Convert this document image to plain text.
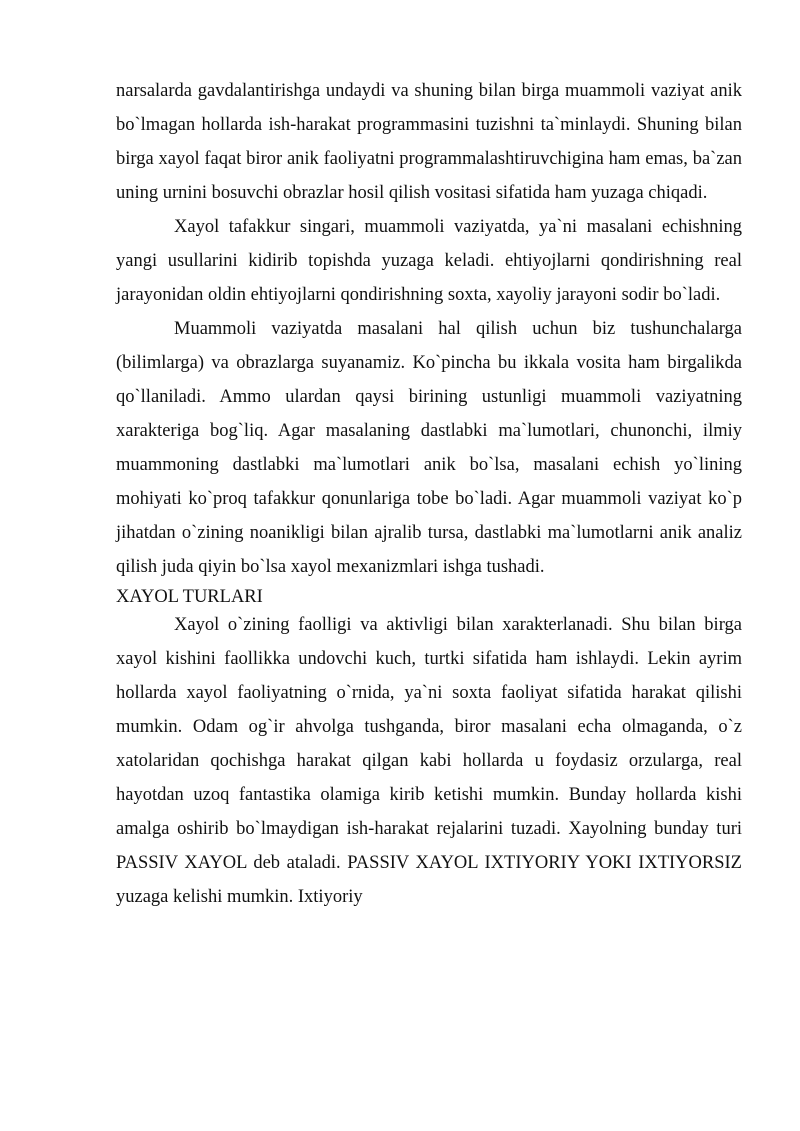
narsalarda gavdalantirishga undaydi va shuning bilan birga muammoli vaziyat anik bo`lmagan hollarda ish-harakat programmasini tuzishni ta`minlaydi. Shuning bilan birga xayol faqat biror anik faoliyatni programmalashtiruvchigina ham emas, ba`zan uning urnini bosuvchi obrazlar hosil qilish vositasi sifatida ham yuzaga chiqadi.

Xayol tafakkur singari, muammoli vaziyatda, ya`ni masalani echishning yangi usullarini kidirib topishda yuzaga keladi. ehtiyojlarni qondirishning real jarayonidan oldin ehtiyojlarni qondirishning soxta, xayoliy jarayoni sodir bo`ladi.

Muammoli vaziyatda masalani hal qilish uchun biz tushunchalarga (bilimlarga) va obrazlarga suyanamiz. Ko`pincha bu ikkala vosita ham birgalikda qo`llaniladi. Ammo ulardan qaysi birining ustunligi muammoli vaziyatning xarakteriga bog`liq. Agar masalaning dastlabki ma`lumotlari, chunonchi, ilmiy muammoning dastlabki ma`lumotlari anik bo`lsa, masalani echish yo`lining mohiyati ko`proq tafakkur qonunlariga tobe bo`ladi. Agar muammoli vaziyat ko`p jihatdan o`zining noanikligi bilan ajralib tursa, dastlabki ma`lumotlarni anik analiz qilish juda qiyin bo`lsa xayol mexanizmlari ishga tushadi.

XAYOL TURLARI

Xayol o`zining faolligi va aktivligi bilan xarakterlanadi. Shu bilan birga xayol kishini faollikka undovchi kuch, turtki sifatida ham ishlaydi. Lekin ayrim hollarda xayol faoliyatning o`rnida, ya`ni soxta faoliyat sifatida harakat qilishi mumkin. Odam og`ir ahvolga tushganda, biror masalani echa olmaganda, o`z xatolaridan qochishga harakat qilgan kabi hollarda u foydasiz orzularga, real hayotdan uzoq fantastika olamiga kirib ketishi mumkin. Bunday hollarda kishi amalga oshirib bo`lmaydigan ish-harakat rejalarini tuzadi. Xayolning bunday turi PASSIV XAYOL deb ataladi. PASSIV XAYOL IXTIYORIY YOKI IXTIYORSIZ yuzaga kelishi mumkin. Ixtiyoriy
